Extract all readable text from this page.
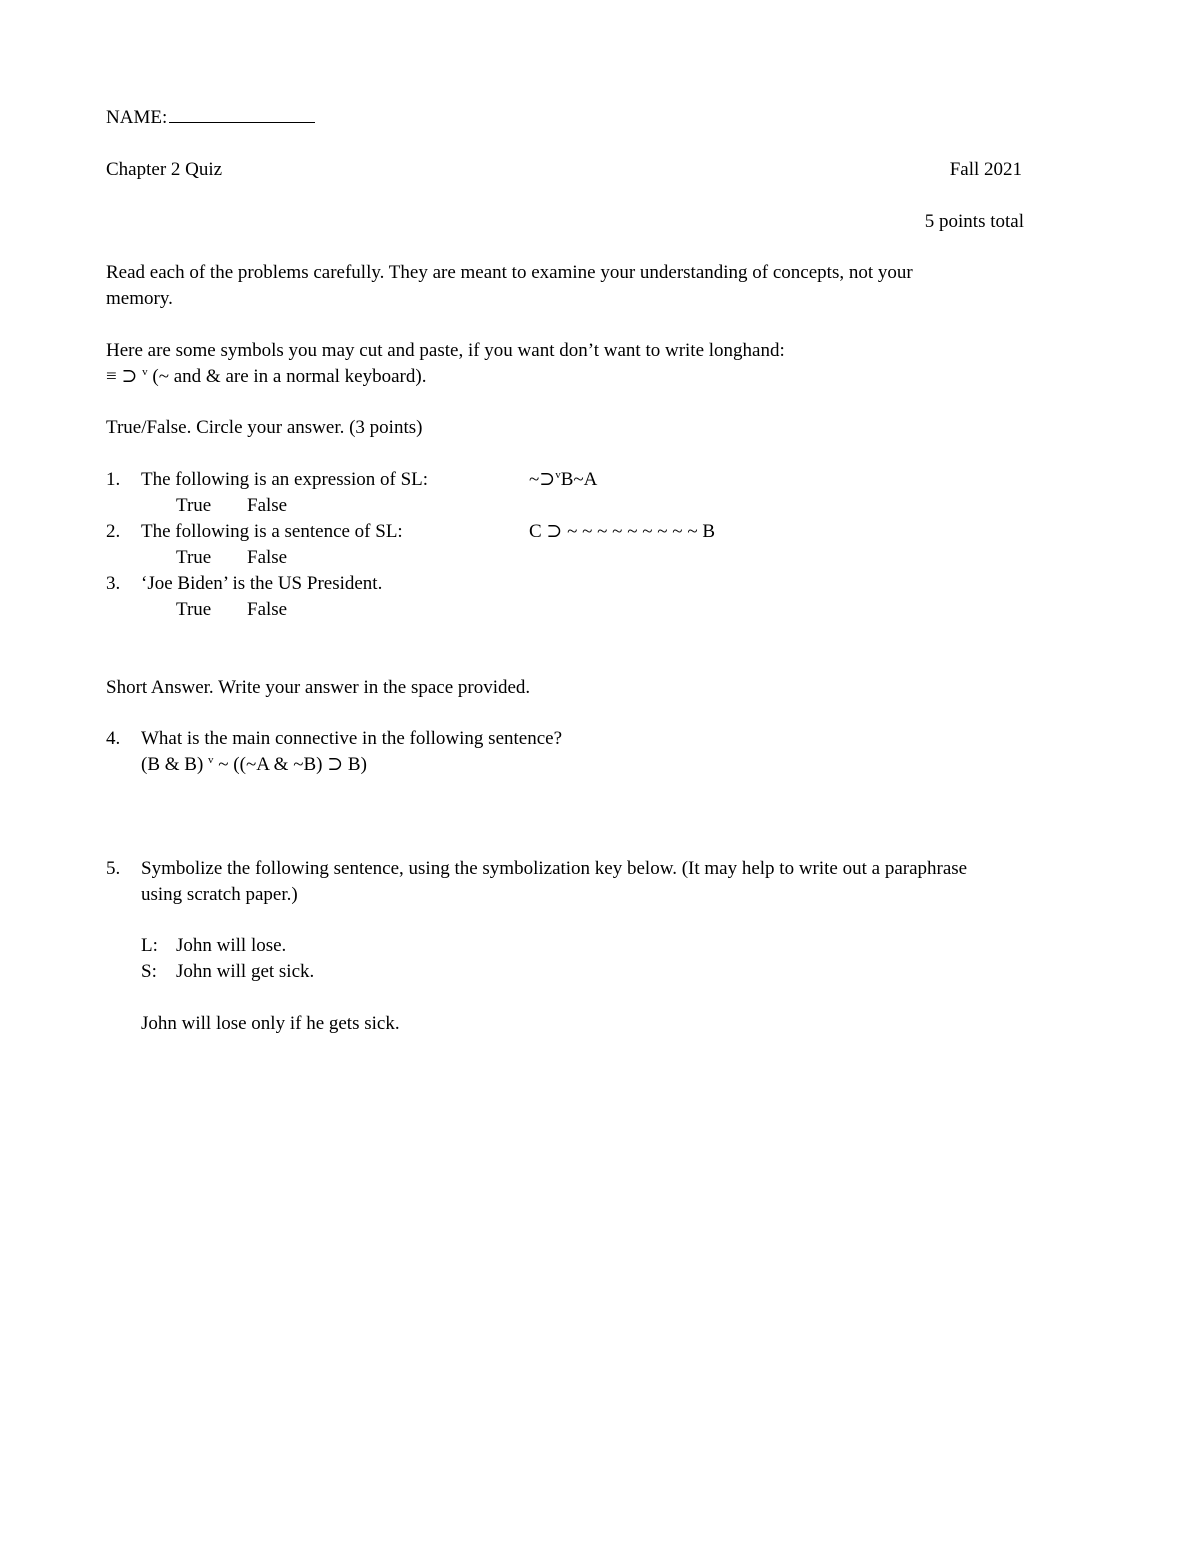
NAME:
Chapter 2 Quiz	Fall 2021
5 points total
Read each of the problems carefully. They are meant to examine your understanding of concepts, not your
memory.
Here are some symbols you may cut and paste, if you want don’t want to write longhand:
≡ ⊃ $^v$ (~ and & are in a normal keyboard).
True/False. Circle your answer. (3 points)
1. The following is an expression of SL:	~⊃$^v$B~A
True False
2. The following is a sentence of SL:	C ⊃ ~ ~ ~ ~ ~ ~ ~ ~ ~ B
True False
3. ‘Joe Biden’ is the US President.
True False
Short Answer. Write your answer in the space provided.
4. What is the main connective in the following sentence?
(B & B) $^v$ ~ ((~A & ~B) ⊃ B)
5. Symbolize the following sentence, using the symbolization key below. (It may help to write out a paraphrase
using scratch paper.)
L: John will lose.
S: John will get sick.
John will lose only if he gets sick.
